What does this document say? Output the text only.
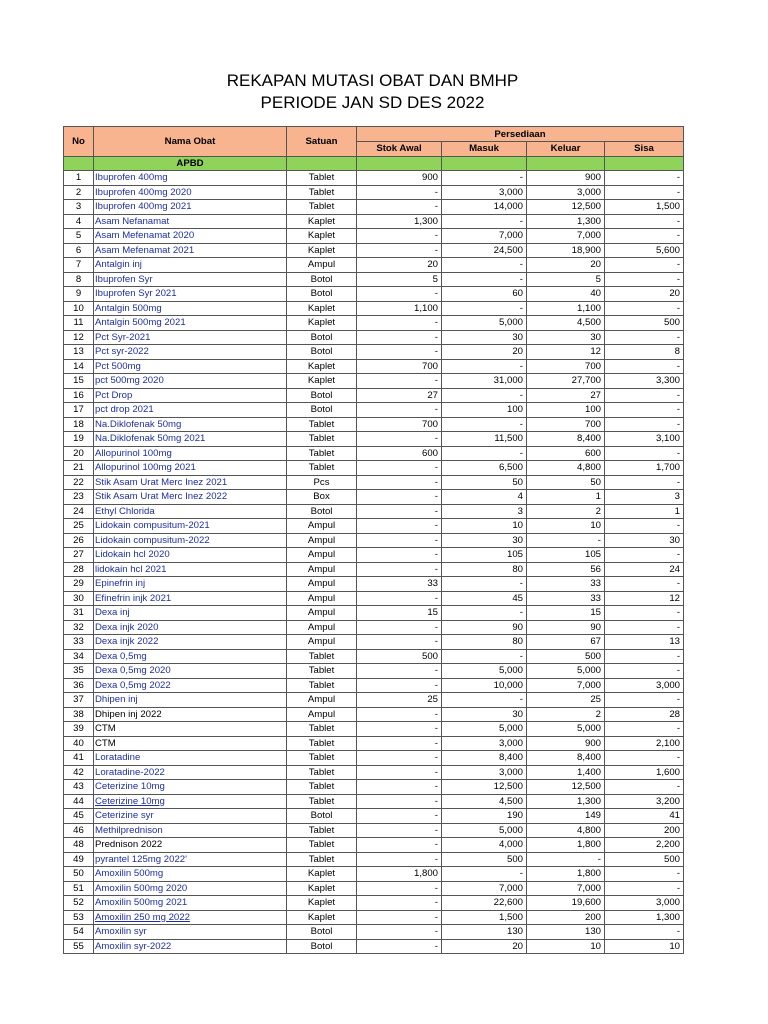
REKAPAN MUTASI OBAT DAN BMHP
PERIODE JAN SD DES 2022
No	Nama Obat	Satuan	Persediaan			
			Stok Awal	Masuk	Keluar	Sisa
	APBD					
1	Ibuprofen 400mg	Tablet	900	-	900	-
2	Ibuprofen 400mg 2020	Tablet	-	3,000	3,000	-
3	Ibuprofen 400mg 2021	Tablet	-	14,000	12,500	1,500
4	Asam Nefanamat	Kaplet	1,300	-	1,300	-
5	Asam Mefenamat 2020	Kaplet	-	7,000	7,000	-
6	Asam Mefenamat 2021	Kaplet	-	24,500	18,900	5,600
7	Antalgin inj	Ampul	20	-	20	-
8	Ibuprofen Syr	Botol	5	-	5	-
9	Ibuprofen Syr 2021	Botol	-	60	40	20
10	Antalgin 500mg	Kaplet	1,100	-	1,100	-
11	Antalgin 500mg 2021	Kaplet	-	5,000	4,500	500
12	Pct Syr-2021	Botol	-	30	30	-
13	Pct syr-2022	Botol	-	20	12	8
14	Pct 500mg	Kaplet	700	-	700	-
15	pct 500mg 2020	Kaplet	-	31,000	27,700	3,300
16	Pct Drop	Botol	27	-	27	-
17	pct drop 2021	Botol	-	100	100	-
18	Na.Diklofenak 50mg	Tablet	700	-	700	-
19	Na.Diklofenak 50mg 2021	Tablet	-	11,500	8,400	3,100
20	Allopurinol 100mg	Tablet	600	-	600	-
21	Allopurinol 100mg 2021	Tablet	-	6,500	4,800	1,700
22	Stik Asam Urat Merc Inez 2021	Pcs	-	50	50	-
23	Stik Asam Urat Merc Inez 2022	Box	-	4	1	3
24	Ethyl Chlorida	Botol	-	3	2	1
25	Lidokain compusitum-2021	Ampul	-	10	10	-
26	Lidokain compusitum-2022	Ampul	-	30	-	30
27	Lidokain hcl 2020	Ampul	-	105	105	-
28	lidokain hcl 2021	Ampul	-	80	56	24
29	Epinefrin inj	Ampul	33	-	33	-
30	Efinefrin injk 2021	Ampul	-	45	33	12
31	Dexa inj	Ampul	15	-	15	-
32	Dexa injk 2020	Ampul	-	90	90	-
33	Dexa injk 2022	Ampul	-	80	67	13
34	Dexa 0,5mg	Tablet	500	-	500	-
35	Dexa 0,5mg 2020	Tablet	-	5,000	5,000	-
36	Dexa 0,5mg 2022	Tablet	-	10,000	7,000	3,000
37	Dhipen inj	Ampul	25	-	25	-
38	Dhipen inj 2022	Ampul	-	30	2	28
39	CTM	Tablet	-	5,000	5,000	-
40	CTM	Tablet	-	3,000	900	2,100
41	Loratadine	Tablet	-	8,400	8,400	-
42	Loratadine-2022	Tablet	-	3,000	1,400	1,600
43	Ceterizine 10mg	Tablet	-	12,500	12,500	-
44	Ceterizine 10mg	Tablet	-	4,500	1,300	3,200
45	Ceterizine syr	Botol	-	190	149	41
46	Methilprednison	Tablet	-	5,000	4,800	200
48	Prednison 2022	Tablet	-	4,000	1,800	2,200
49	pyrantel 125mg 2022'	Tablet	-	500	-	500
50	Amoxilin 500mg	Kaplet	1,800	-	1,800	-
51	Amoxilin 500mg 2020	Kaplet	-	7,000	7,000	-
52	Amoxilin 500mg 2021	Kaplet	-	22,600	19,600	3,000
53	Amoxilin 250 mg 2022	Kaplet	-	1,500	200	1,300
54	Amoxilin syr	Botol	-	130	130	-
55	Amoxilin syr-2022	Botol	-	20	10	10
